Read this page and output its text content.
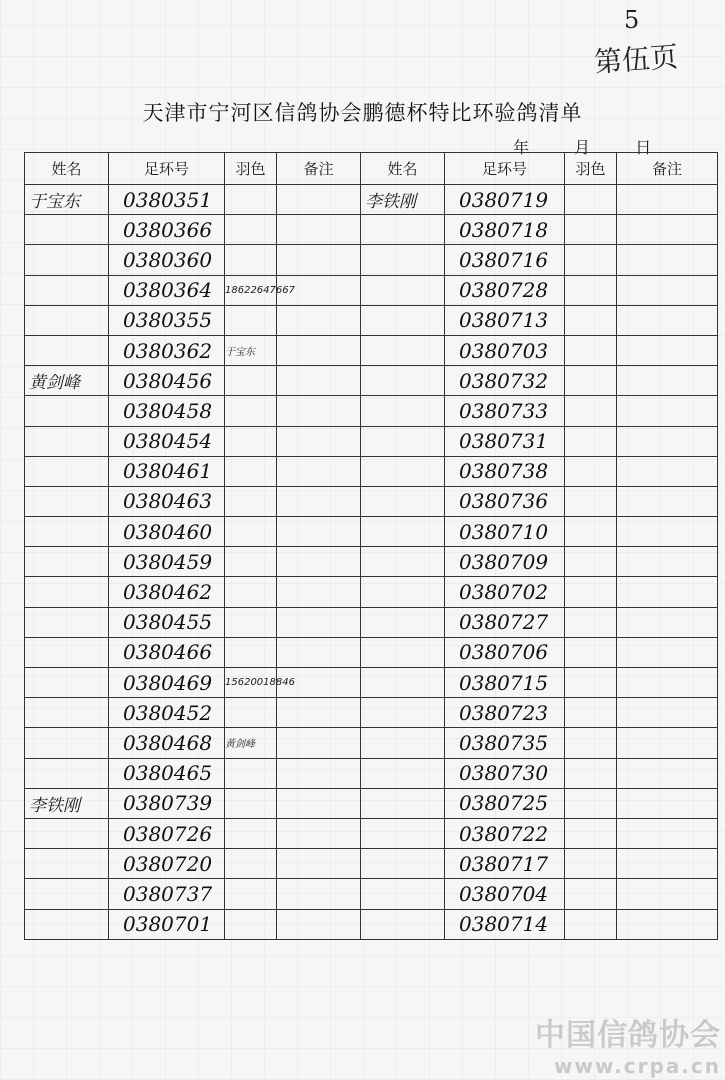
5
第伍页
天津市宁河区信鸽协会鹏德杯特比环验鸽清单
年	月	日
姓名	足环号	羽色	备注	姓名	足环号	羽色	备注
于宝东	0380351			李铁刚	0380719		
	0380366				0380718		
	0380360				0380716		
	0380364	18622647667			0380728		
	0380355				0380713		
	0380362	于宝东			0380703		
黄剑峰	0380456				0380732		
	0380458				0380733		
	0380454				0380731		
	0380461				0380738		
	0380463				0380736		
	0380460				0380710		
	0380459				0380709		
	0380462				0380702		
	0380455				0380727		
	0380466				0380706		
	0380469	15620018846			0380715		
	0380452				0380723		
	0380468	黄剑峰			0380735		
	0380465				0380730		
李铁刚	0380739				0380725		
	0380726				0380722		
	0380720				0380717		
	0380737				0380704		
	0380701				0380714		
中国信鸽协会
www.crpa.cn
